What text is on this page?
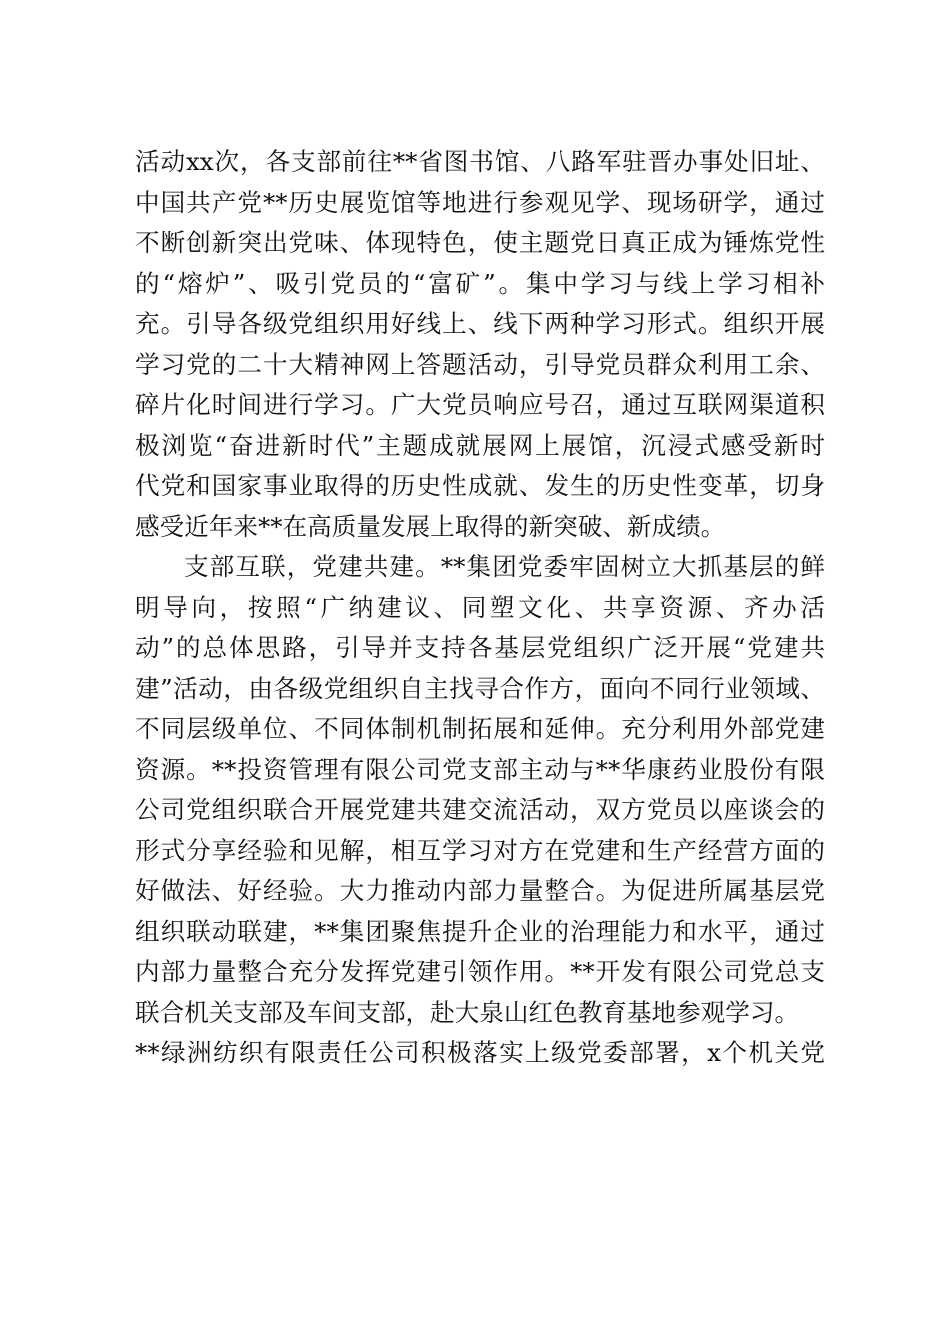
活动xx次，各支部前往**省图书馆、八路军驻晋办事处旧址、
中国共产党**历史展览馆等地进行参观见学、现场研学，通过
不断创新突出党味、体现特色，使主题党日真正成为锤炼党性
的“熔炉”、吸引党员的“富矿”。集中学习与线上学习相补
充。引导各级党组织用好线上、线下两种学习形式。组织开展
学习党的二十大精神网上答题活动，引导党员群众利用工余、
碎片化时间进行学习。广大党员响应号召，通过互联网渠道积
极浏览“奋进新时代”主题成就展网上展馆，沉浸式感受新时
代党和国家事业取得的历史性成就、发生的历史性变革，切身
感受近年来**在高质量发展上取得的新突破、新成绩。
支部互联，党建共建。**集团党委牢固树立大抓基层的鲜
明导向，按照“广纳建议、同塑文化、共享资源、齐办活
动”的总体思路，引导并支持各基层党组织广泛开展“党建共
建”活动，由各级党组织自主找寻合作方，面向不同行业领域、
不同层级单位、不同体制机制拓展和延伸。充分利用外部党建
资源。**投资管理有限公司党支部主动与**华康药业股份有限
公司党组织联合开展党建共建交流活动，双方党员以座谈会的
形式分享经验和见解，相互学习对方在党建和生产经营方面的
好做法、好经验。大力推动内部力量整合。为促进所属基层党
组织联动联建，**集团聚焦提升企业的治理能力和水平，通过
内部力量整合充分发挥党建引领作用。**开发有限公司党总支
联合机关支部及车间支部，赴大泉山红色教育基地参观学习。
**绿洲纺织有限责任公司积极落实上级党委部署，x个机关党
